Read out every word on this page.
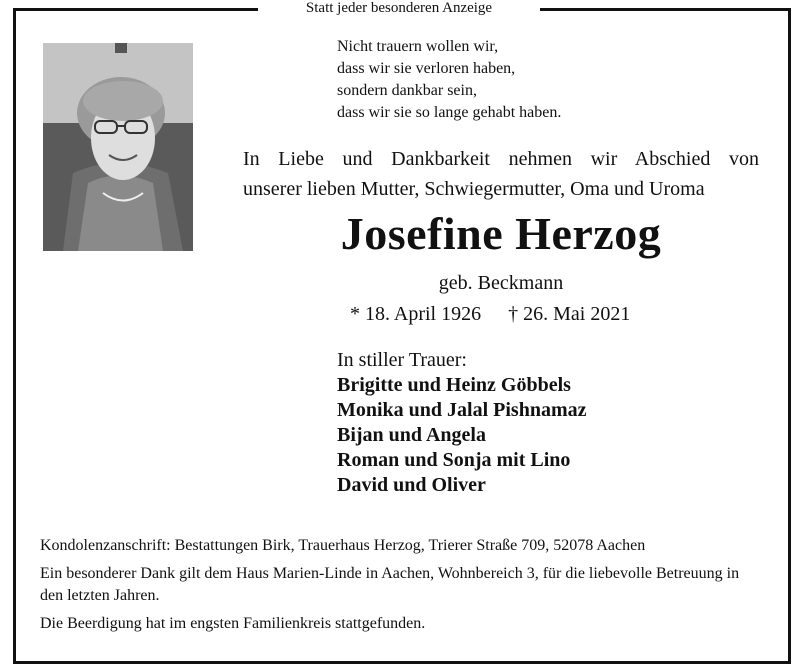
Statt jeder besonderen Anzeige
Nicht trauern wollen wir,
dass wir sie verloren haben,
sondern dankbar sein,
dass wir sie so lange gehabt haben.
In Liebe und Dankbarkeit nehmen wir Abschied von
unserer lieben Mutter, Schwiegermutter, Oma und Uroma
Josefine Herzog
geb. Beckmann
* 18. April 1926 † 26. Mai 2021
In stiller Trauer:
Brigitte und Heinz Göbbels
Monika und Jalal Pishnamaz
Bijan und Angela
Roman und Sonja mit Lino
David und Oliver

Kondolenzanschrift: Bestattungen Birk, Trauerhaus Herzog, Trierer Straße 709, 52078 Aachen

Ein besonderer Dank gilt dem Haus Marien-Linde in Aachen, Wohnbereich 3, für die liebevolle Betreuung in den letzten Jahren.

Die Beerdigung hat im engsten Familienkreis stattgefunden.
